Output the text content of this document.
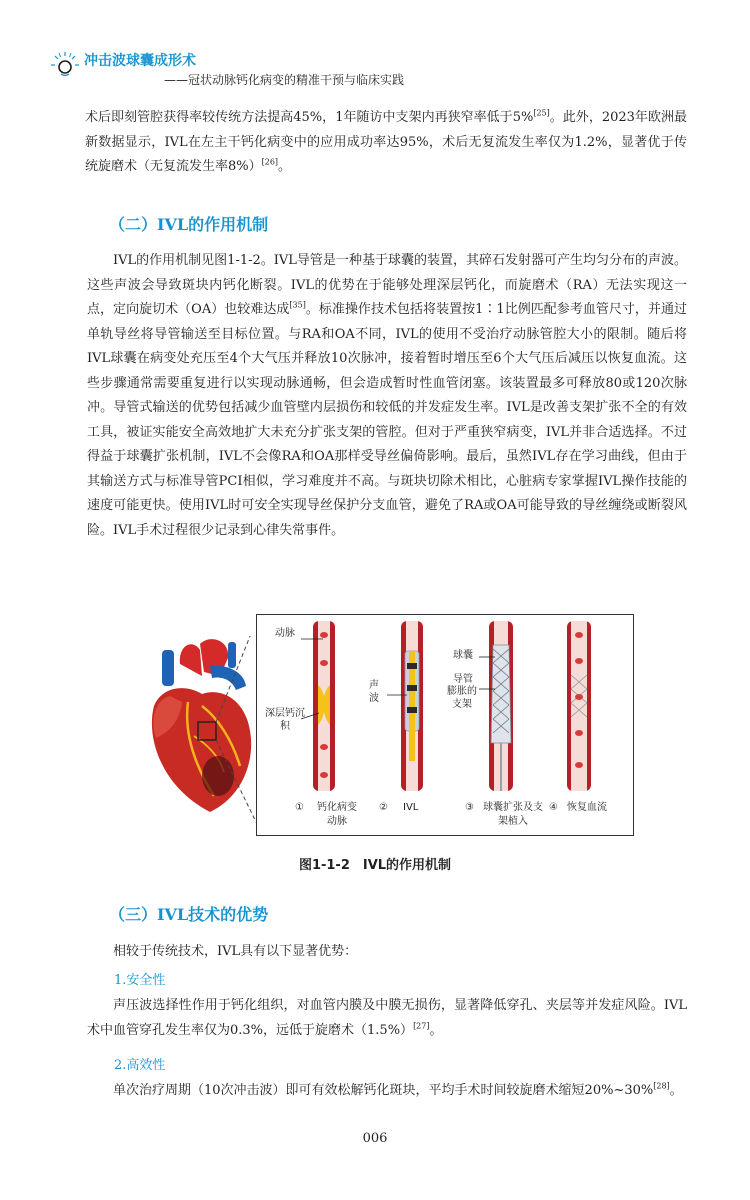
冲击波球囊成形术
——冠状动脉钙化病变的精准干预与临床实践

术后即刻管腔获得率较传统方法提高45%，1年随访中支架内再狭窄率低于5%[25]。此外，2023年欧洲最新数据显示，IVL在左主干钙化病变中的应用成功率达95%，术后无复流发生率仅为1.2%，显著优于传统旋磨术（无复流发生率8%）[26]。

（二）IVL的作用机制

IVL的作用机制见图1-1-2。IVL导管是一种基于球囊的装置，其碎石发射器可产生均匀分布的声波。这些声波会导致斑块内钙化断裂。IVL的优势在于能够处理深层钙化，而旋磨术（RA）无法实现这一点，定向旋切术（OA）也较难达成[35]。标准操作技术包括将装置按1∶1比例匹配参考血管尺寸，并通过单轨导丝将导管输送至目标位置。与RA和OA不同，IVL的使用不受治疗动脉管腔大小的限制。随后将IVL球囊在病变处充压至4个大气压并释放10次脉冲，接着暂时增压至6个大气压后减压以恢复血流。这些步骤通常需要重复进行以实现动脉通畅，但会造成暂时性血管闭塞。该装置最多可释放80或120次脉冲。导管式输送的优势包括减少血管壁内层损伤和较低的并发症发生率。IVL是改善支架扩张不全的有效工具，被证实能安全高效地扩大未充分扩张支架的管腔。但对于严重狭窄病变，IVL并非合适选择。不过得益于球囊扩张机制，IVL不会像RA和OA那样受导丝偏倚影响。最后，虽然IVL存在学习曲线，但由于其输送方式与标准导管PCI相似，学习难度并不高。与斑块切除术相比，心脏病专家掌握IVL操作技能的速度可能更快。使用IVL时可安全实现导丝保护分支血管，避免了RA或OA可能导致的导丝缠绕或断裂风险。IVL手术过程很少记录到心律失常事件。

动脉
深层钙沉积
声波
球囊
导管
膨胀的支架
①	钙化病变动脉
② IVL	③ 球囊扩张及支架植入
④ 恢复血流
图1-1-2　IVL的作用机制
（三）IVL技术的优势

相较于传统技术，IVL具有以下显著优势：

1.安全性

声压波选择性作用于钙化组织，对血管内膜及中膜无损伤，显著降低穿孔、夹层等并发症风险。IVL术中血管穿孔发生率仅为0.3%，远低于旋磨术（1.5%）[27]。

2.高效性

单次治疗周期（10次冲击波）即可有效松解钙化斑块，平均手术时间较旋磨术缩短20%~30%[28]。

006
